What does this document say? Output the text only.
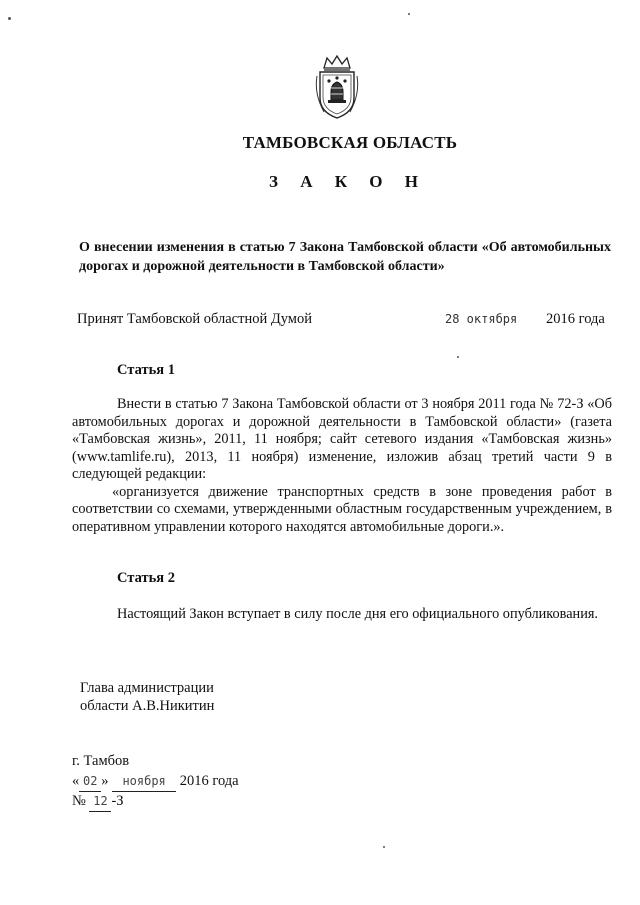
ТАМБОВСКАЯ ОБЛАСТЬ
З А К О Н
О внесении изменения в статью 7 Закона Тамбовской области «Об автомобильных дорогах и дорожной деятельности в Тамбовской области»
Принят Тамбовской областной Думой	28 октября 2016 года
Статья 1

Внести в статью 7 Закона Тамбовской области от 3 ноября 2011 года № 72-З «Об автомобильных дорогах и дорожной деятельности в Тамбовской области» (газета «Тамбовская жизнь», 2011, 11 ноября; сайт сетевого издания «Тамбовская жизнь» (www.tamlife.ru), 2013, 11 ноября) изменение, изложив абзац третий части 9 в следующей редакции:

«организуется движение транспортных средств в зоне проведения работ в соответствии со схемами, утвержденными областным государственным учреждением, в оперативном управлении которого находятся автомобильные дороги.».

Статья 2

Настоящий Закон вступает в силу после дня его официального опубликования.

Глава администрации
области А.В.Никитин
г. Тамбов
« 02 » ноября 2016 года
№ 12 -З
